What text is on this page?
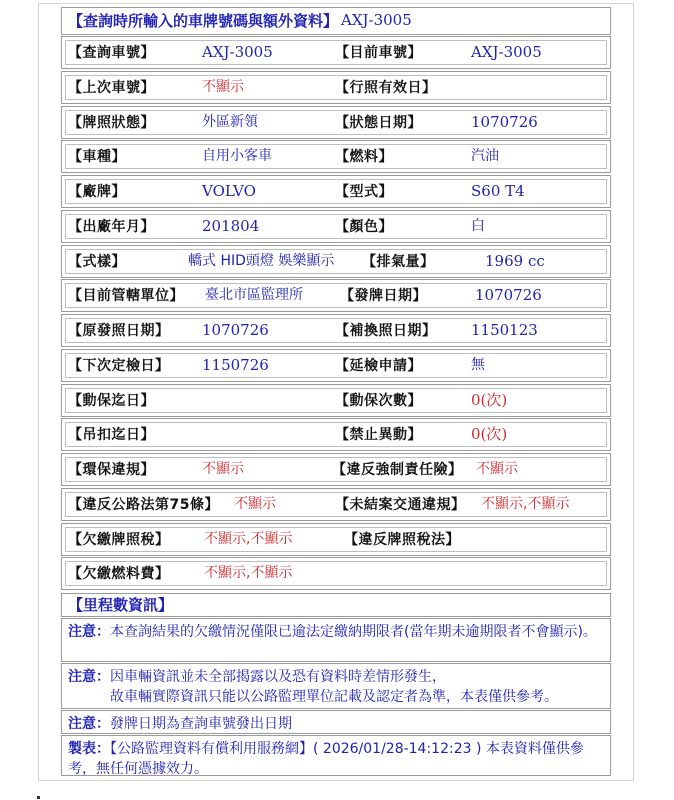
【查詢時所輸入的車牌號碼與額外資料】 AXJ-3005
【查詢車號】	AXJ-3005	【目前車號】	AXJ-3005
【上次車號】	不顯示	【行照有效日】
【牌照狀態】	外區新領	【狀態日期】	1070726
【車種】	自用小客車	【燃料】	汽油
【廠牌】	VOLVO	【型式】	S60 T4
【出廠年月】	201804	【顏色】	白
【式樣】	轎式 HID頭燈 娛樂顯示 【排氣量】	1969 cc
【目前管轄單位】 臺北市區監理所	【發牌日期】	1070726
【原發照日期】 1070726	【補換照日期】 1150123
【下次定檢日】 1150726	【延檢申請】	無
【動保迄日】	【動保次數】	0(次)
【吊扣迄日】	【禁止異動】	0(次)
【環保違規】	不顯示	【違反強制責任險】 不顯示
【違反公路法第75條】 不顯示	【未結案交通違規】 不顯示,不顯示
【欠繳牌照稅】 不顯示,不顯示	【違反牌照稅法】
【欠繳燃料費】 不顯示,不顯示
【里程數資訊】
注意：本查詢結果的欠繳情況僅限已逾法定繳納期限者(當年期未逾期限者不會顯示)。
注意：因車輛資訊並未全部揭露以及恐有資料時差情形發生，
故車輛實際資訊只能以公路監理單位記載及認定者為準，本表僅供參考。
注意：發牌日期為查詢車號發出日期
製表：【公路監理資料有償利用服務網】( 2026/01/28-14:12:23 ) 本表資料僅供參考，無任何憑據效力。
